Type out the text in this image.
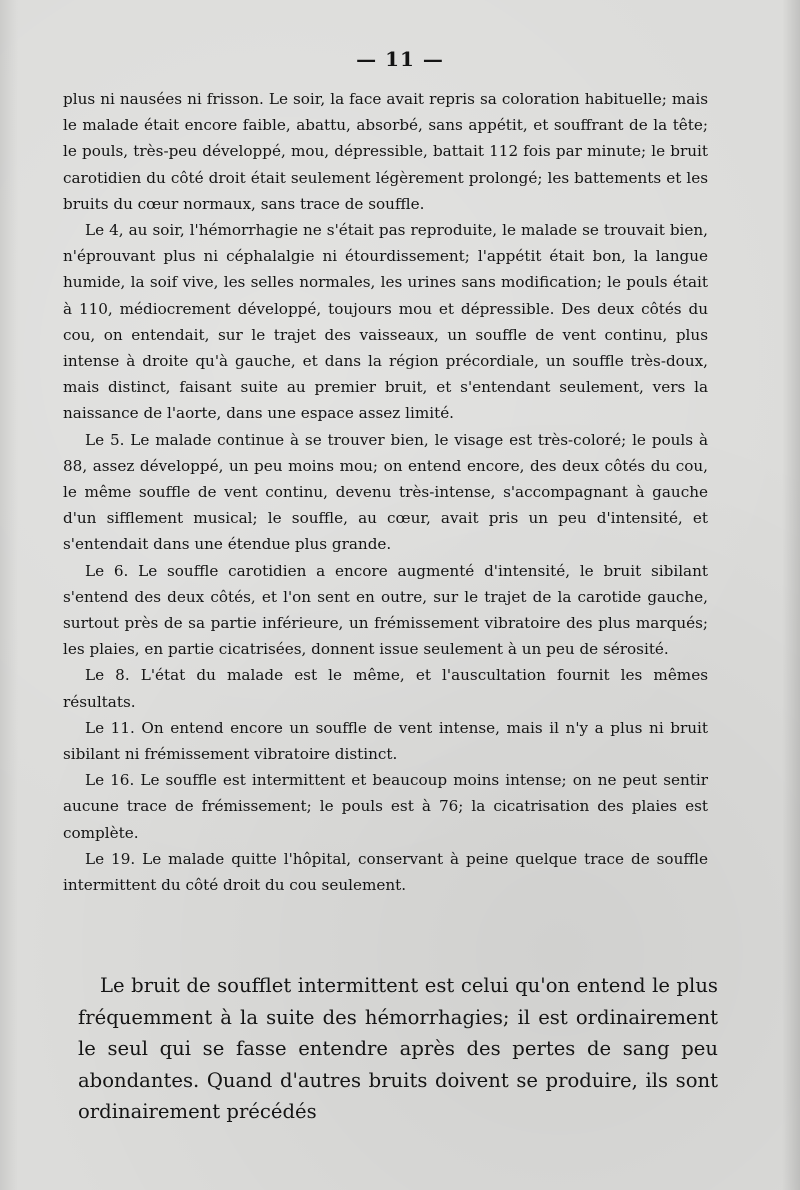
— 11 —

plus ni nausées ni frisson. Le soir, la face avait repris sa coloration habituelle; mais le malade était encore faible, abattu, absorbé, sans appétit, et souffrant de la tête; le pouls, très-peu développé, mou, dépressible, battait 112 fois par minute; le bruit carotidien du côté droit était seulement légèrement prolongé; les battements et les bruits du cœur normaux, sans trace de souffle.

Le 4, au soir, l'hémorrhagie ne s'était pas reproduite, le malade se trouvait bien, n'éprouvant plus ni céphalalgie ni étourdissement; l'appétit était bon, la langue humide, la soif vive, les selles normales, les urines sans modification; le pouls était à 110, médiocrement développé, toujours mou et dépressible. Des deux côtés du cou, on entendait, sur le trajet des vaisseaux, un souffle de vent continu, plus intense à droite qu'à gauche, et dans la région précordiale, un souffle très-doux, mais distinct, faisant suite au premier bruit, et s'entendant seulement, vers la naissance de l'aorte, dans une espace assez limité.

Le 5. Le malade continue à se trouver bien, le visage est très-coloré; le pouls à 88, assez développé, un peu moins mou; on entend encore, des deux côtés du cou, le même souffle de vent continu, devenu très-intense, s'accompagnant à gauche d'un sifflement musical; le souffle, au cœur, avait pris un peu d'intensité, et s'entendait dans une étendue plus grande.

Le 6. Le souffle carotidien a encore augmenté d'intensité, le bruit sibilant s'entend des deux côtés, et l'on sent en outre, sur le trajet de la carotide gauche, surtout près de sa partie inférieure, un frémissement vibratoire des plus marqués; les plaies, en partie cicatrisées, donnent issue seulement à un peu de sérosité.

Le 8. L'état du malade est le même, et l'auscultation fournit les mêmes résultats.

Le 11. On entend encore un souffle de vent intense, mais il n'y a plus ni bruit sibilant ni frémissement vibratoire distinct.

Le 16. Le souffle est intermittent et beaucoup moins intense; on ne peut sentir aucune trace de frémissement; le pouls est à 76; la cicatrisation des plaies est complète.

Le 19. Le malade quitte l'hôpital, conservant à peine quelque trace de souffle intermittent du côté droit du cou seulement.

Le bruit de soufflet intermittent est celui qu'on entend le plus fréquemment à la suite des hémorrhagies; il est ordinairement le seul qui se fasse entendre après des pertes de sang peu abondantes. Quand d'autres bruits doivent se produire, ils sont ordinairement précédés
